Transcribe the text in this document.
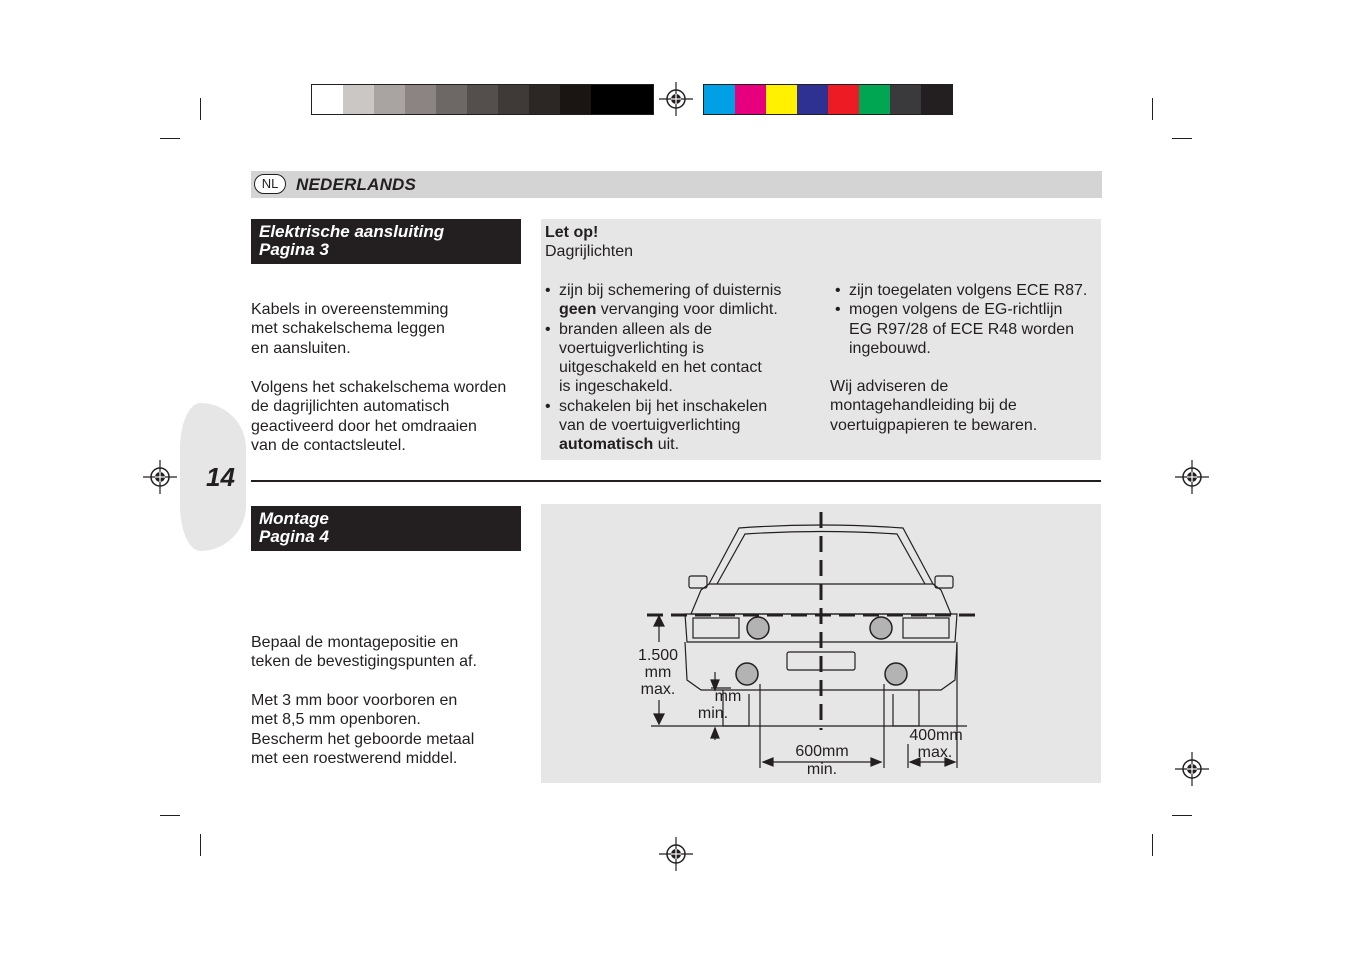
NL	NEDERLANDS
Elektrische aansluiting
Pagina 3
Kabels in overeenstemming
met schakelschema leggen
en aansluiten.
Volgens het schakelschema worden
de dagrijlichten automatisch
geactiveerd door het omdraaien
van de contactsleutel.
Let op!
Dagrijlichten
• zijn bij schemering of duisternis
geen vervanging voor dimlicht.
• branden alleen als de
voertuigverlichting is
uitgeschakeld en het contact
is ingeschakeld.
• schakelen bij het inschakelen
van de voertuigverlichting
automatisch uit.
• zijn toegelaten volgens ECE R87.
• mogen volgens de EG-richtlijn
EG R97/28 of ECE R48 worden
ingebouwd.
Wij adviseren de
montagehandleiding bij de
voertuigpapieren te bewaren.
14
Montage
Pagina 4
Bepaal de montagepositie en
teken de bevestigingspunten af.
Met 3 mm boor voorboren en
met 8,5 mm openboren.
Bescherm het geboorde metaal
met een roestwerend middel.
1.500
mm
max. mm
min.
600mm
min.
400mm
max.
